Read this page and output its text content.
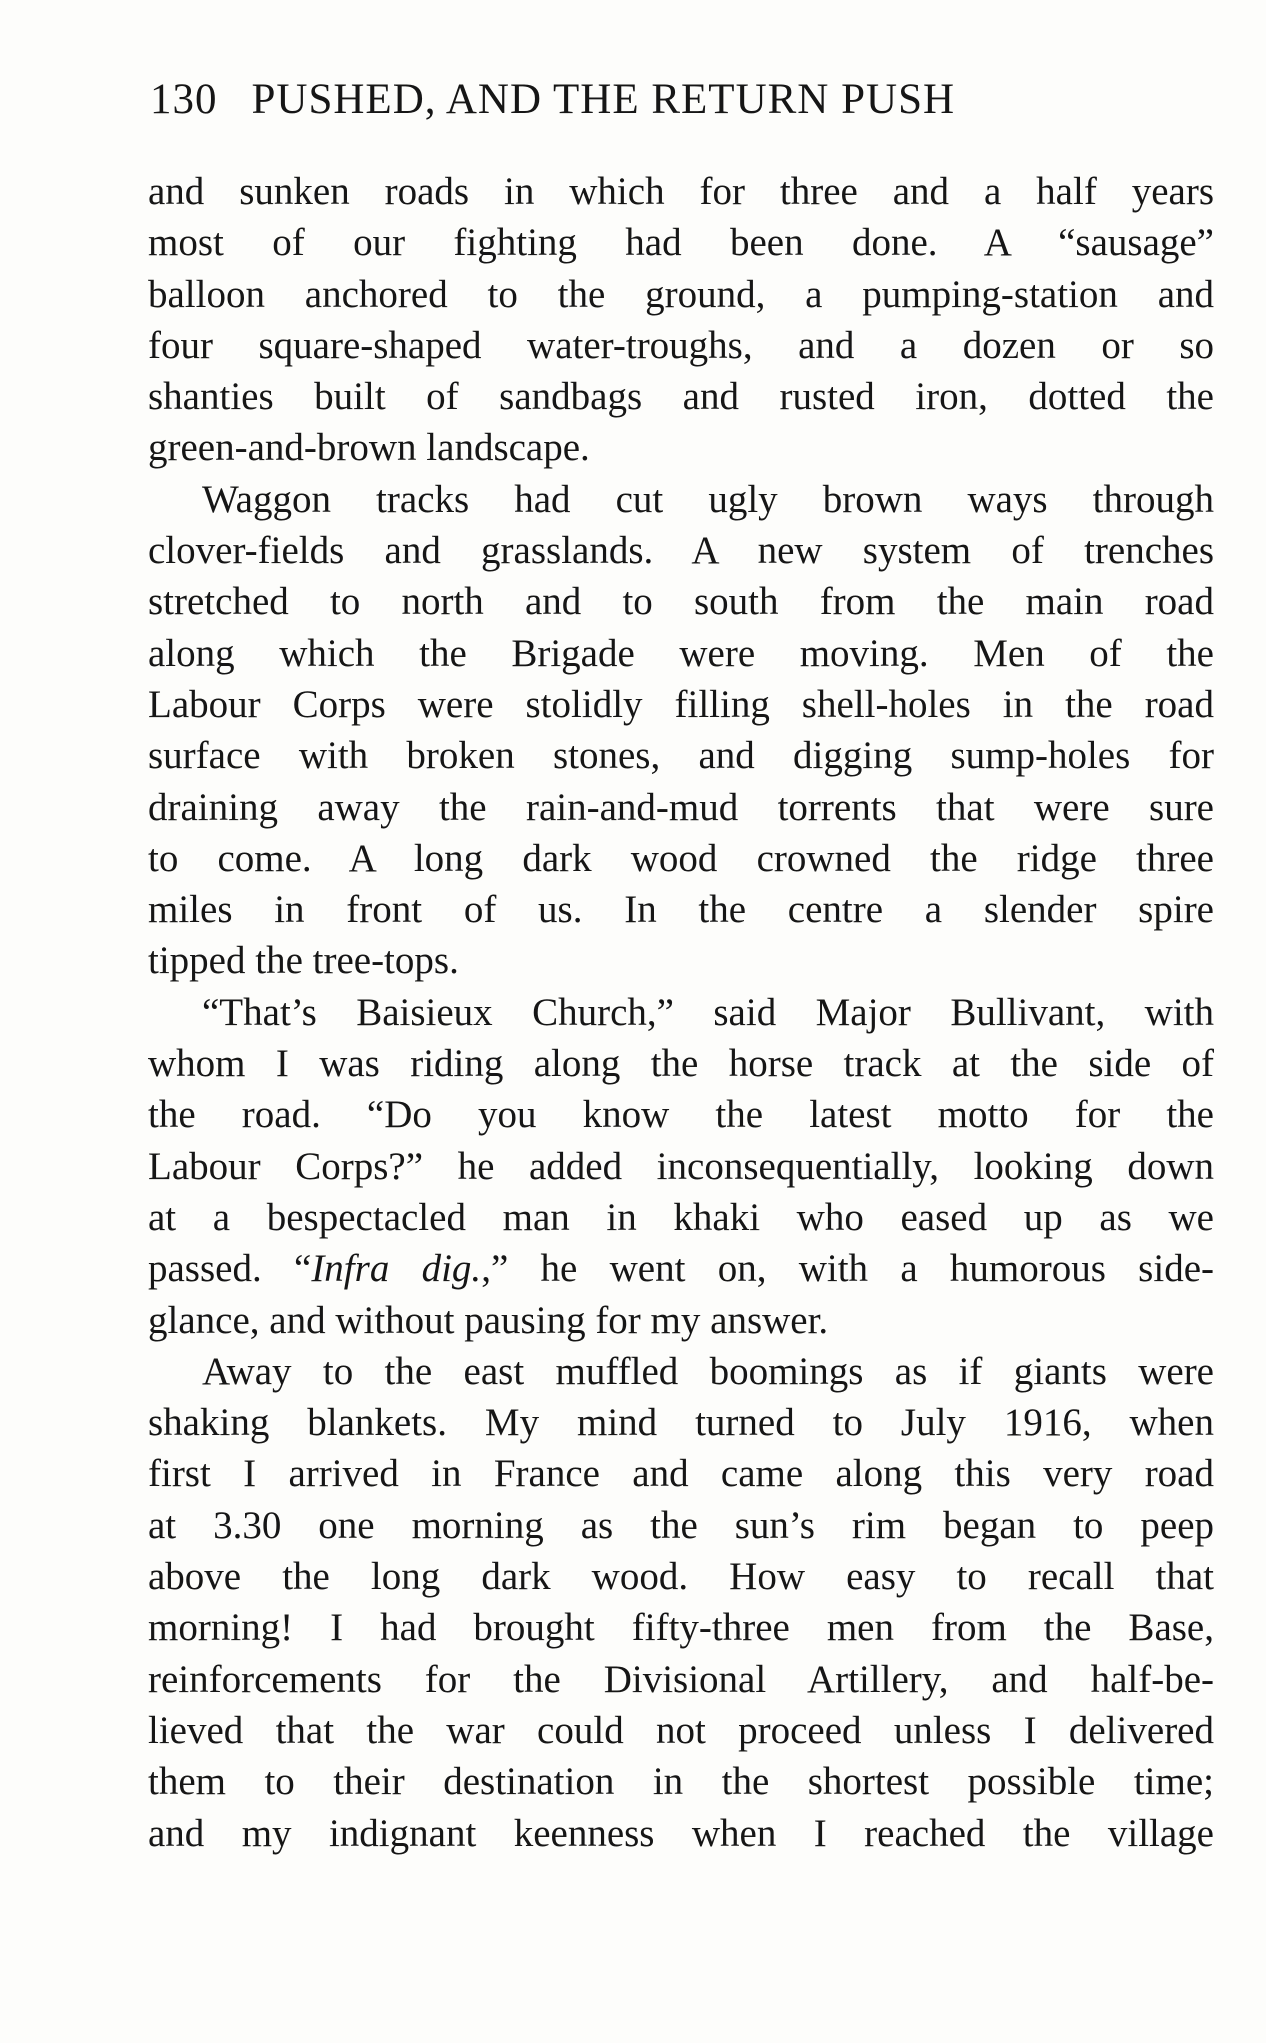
130 PUSHED, AND THE RETURN PUSH
and sunken roads in which for three and a half years
most of our fighting had been done. A “sausage”
balloon anchored to the ground, a pumping-station and
four square-shaped water-troughs, and a dozen or so
shanties built of sandbags and rusted iron, dotted the
green-and-brown landscape.
Waggon tracks had cut ugly brown ways through
clover-fields and grasslands. A new system of trenches
stretched to north and to south from the main road
along which the Brigade were moving. Men of the
Labour Corps were stolidly filling shell-holes in the road
surface with broken stones, and digging sump-holes for
draining away the rain-and-mud torrents that were sure
to come. A long dark wood crowned the ridge three
miles in front of us. In the centre a slender spire
tipped the tree-tops.
“That’s Baisieux Church,” said Major Bullivant, with
whom I was riding along the horse track at the side of
the road. “Do you know the latest motto for the
Labour Corps?” he added inconsequentially, looking down
at a bespectacled man in khaki who eased up as we
passed. “Infra dig.,” he went on, with a humorous side-
glance, and without pausing for my answer.
Away to the east muffled boomings as if giants were
shaking blankets. My mind turned to July 1916, when
first I arrived in France and came along this very road
at 3.30 one morning as the sun’s rim began to peep
above the long dark wood. How easy to recall that
morning! I had brought fifty-three men from the Base,
reinforcements for the Divisional Artillery, and half-be-
lieved that the war could not proceed unless I delivered
them to their destination in the shortest possible time;
and my indignant keenness when I reached the village
